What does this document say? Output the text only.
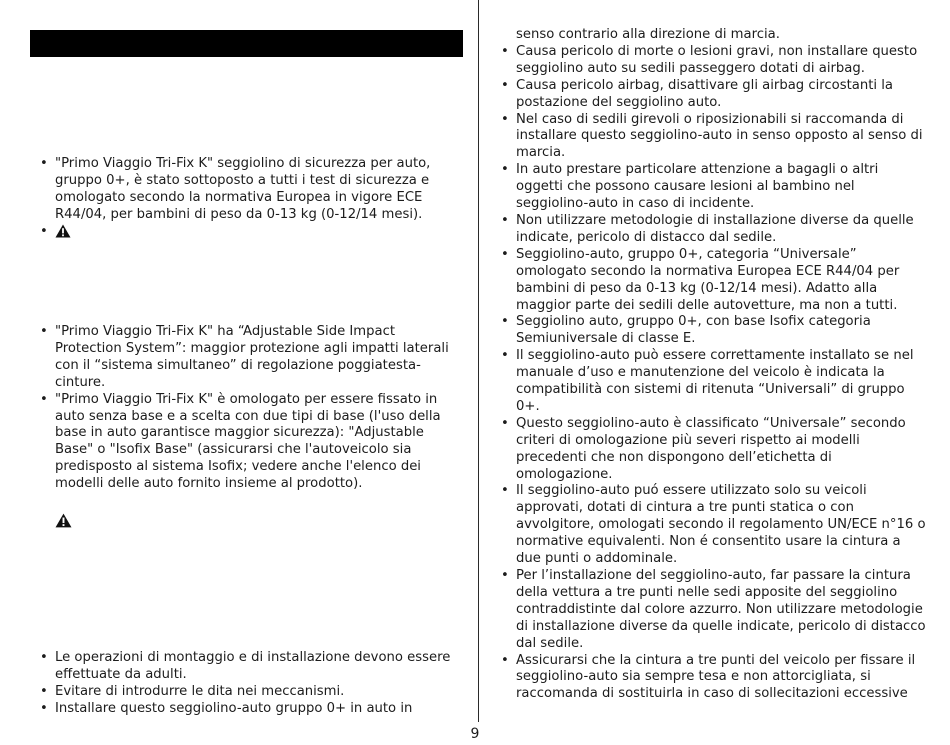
• "Primo Viaggio Tri-Fix K" seggiolino di sicurezza per auto, gruppo 0+, è stato sottoposto a tutti i test di sicurezza e omologato secondo la normativa Europea in vigore ECE R44/04, per bambini di peso da 0-13 kg (0-12/14 mesi).
•
• "Primo Viaggio Tri-Fix K" ha “Adjustable Side Impact Protection System”: maggior protezione agli impatti laterali con il “sistema simultaneo” di regolazione poggiatesta-cinture.
• "Primo Viaggio Tri-Fix K" è omologato per essere fissato in auto senza base e a scelta con due tipi di base (l'uso della base in auto garantisce maggior sicurezza): "Adjustable Base" o "Isofix Base" (assicurarsi che l'autoveicolo sia predisposto al sistema Isofix; vedere anche l'elenco dei modelli delle auto fornito insieme al prodotto).
• Le operazioni di montaggio e di installazione devono essere effettuate da adulti.
• Evitare di introdurre le dita nei meccanismi.
• Installare questo seggiolino-auto gruppo 0+ in auto in
senso contrario alla direzione di marcia.
• Causa pericolo di morte o lesioni gravi, non installare questo seggiolino auto su sedili passeggero dotati di airbag.
• Causa pericolo airbag, disattivare gli airbag circostanti la postazione del seggiolino auto.
• Nel caso di sedili girevoli o riposizionabili si raccomanda di installare questo seggiolino-auto in senso opposto al senso di marcia.
• In auto prestare particolare attenzione a bagagli o altri oggetti che possono causare lesioni al bambino nel seggiolino-auto in caso di incidente.
• Non utilizzare metodologie di installazione diverse da quelle indicate, pericolo di distacco dal sedile.
• Seggiolino-auto, gruppo 0+, categoria “Universale” omologato secondo la normativa Europea ECE R44/04 per bambini di peso da 0-13 kg (0-12/14 mesi). Adatto alla maggior parte dei sedili delle autovetture, ma non a tutti.
• Seggiolino auto, gruppo 0+, con base Isofix categoria Semiuniversale di classe E.
• Il seggiolino-auto può essere correttamente installato se nel manuale d’uso e manutenzione del veicolo è indicata la compatibilità con sistemi di ritenuta “Universali” di gruppo 0+.
• Questo seggiolino-auto è classificato “Universale” secondo criteri di omologazione più severi rispetto ai modelli precedenti che non dispongono dell’etichetta di omologazione.
• Il seggiolino-auto puó essere utilizzato solo su veicoli approvati, dotati di cintura a tre punti statica o con avvolgitore, omologati secondo il regolamento UN/ECE n°16 o normative equivalenti. Non é consentito usare la cintura a due punti o addominale.
• Per l’installazione del seggiolino-auto, far passare la cintura della vettura a tre punti nelle sedi apposite del seggiolino contraddistinte dal colore azzurro. Non utilizzare metodologie di installazione diverse da quelle indicate, pericolo di distacco dal sedile.
• Assicurarsi che la cintura a tre punti del veicolo per fissare il seggiolino-auto sia sempre tesa e non attorcigliata, si raccomanda di sostituirla in caso di sollecitazioni eccessive
9
